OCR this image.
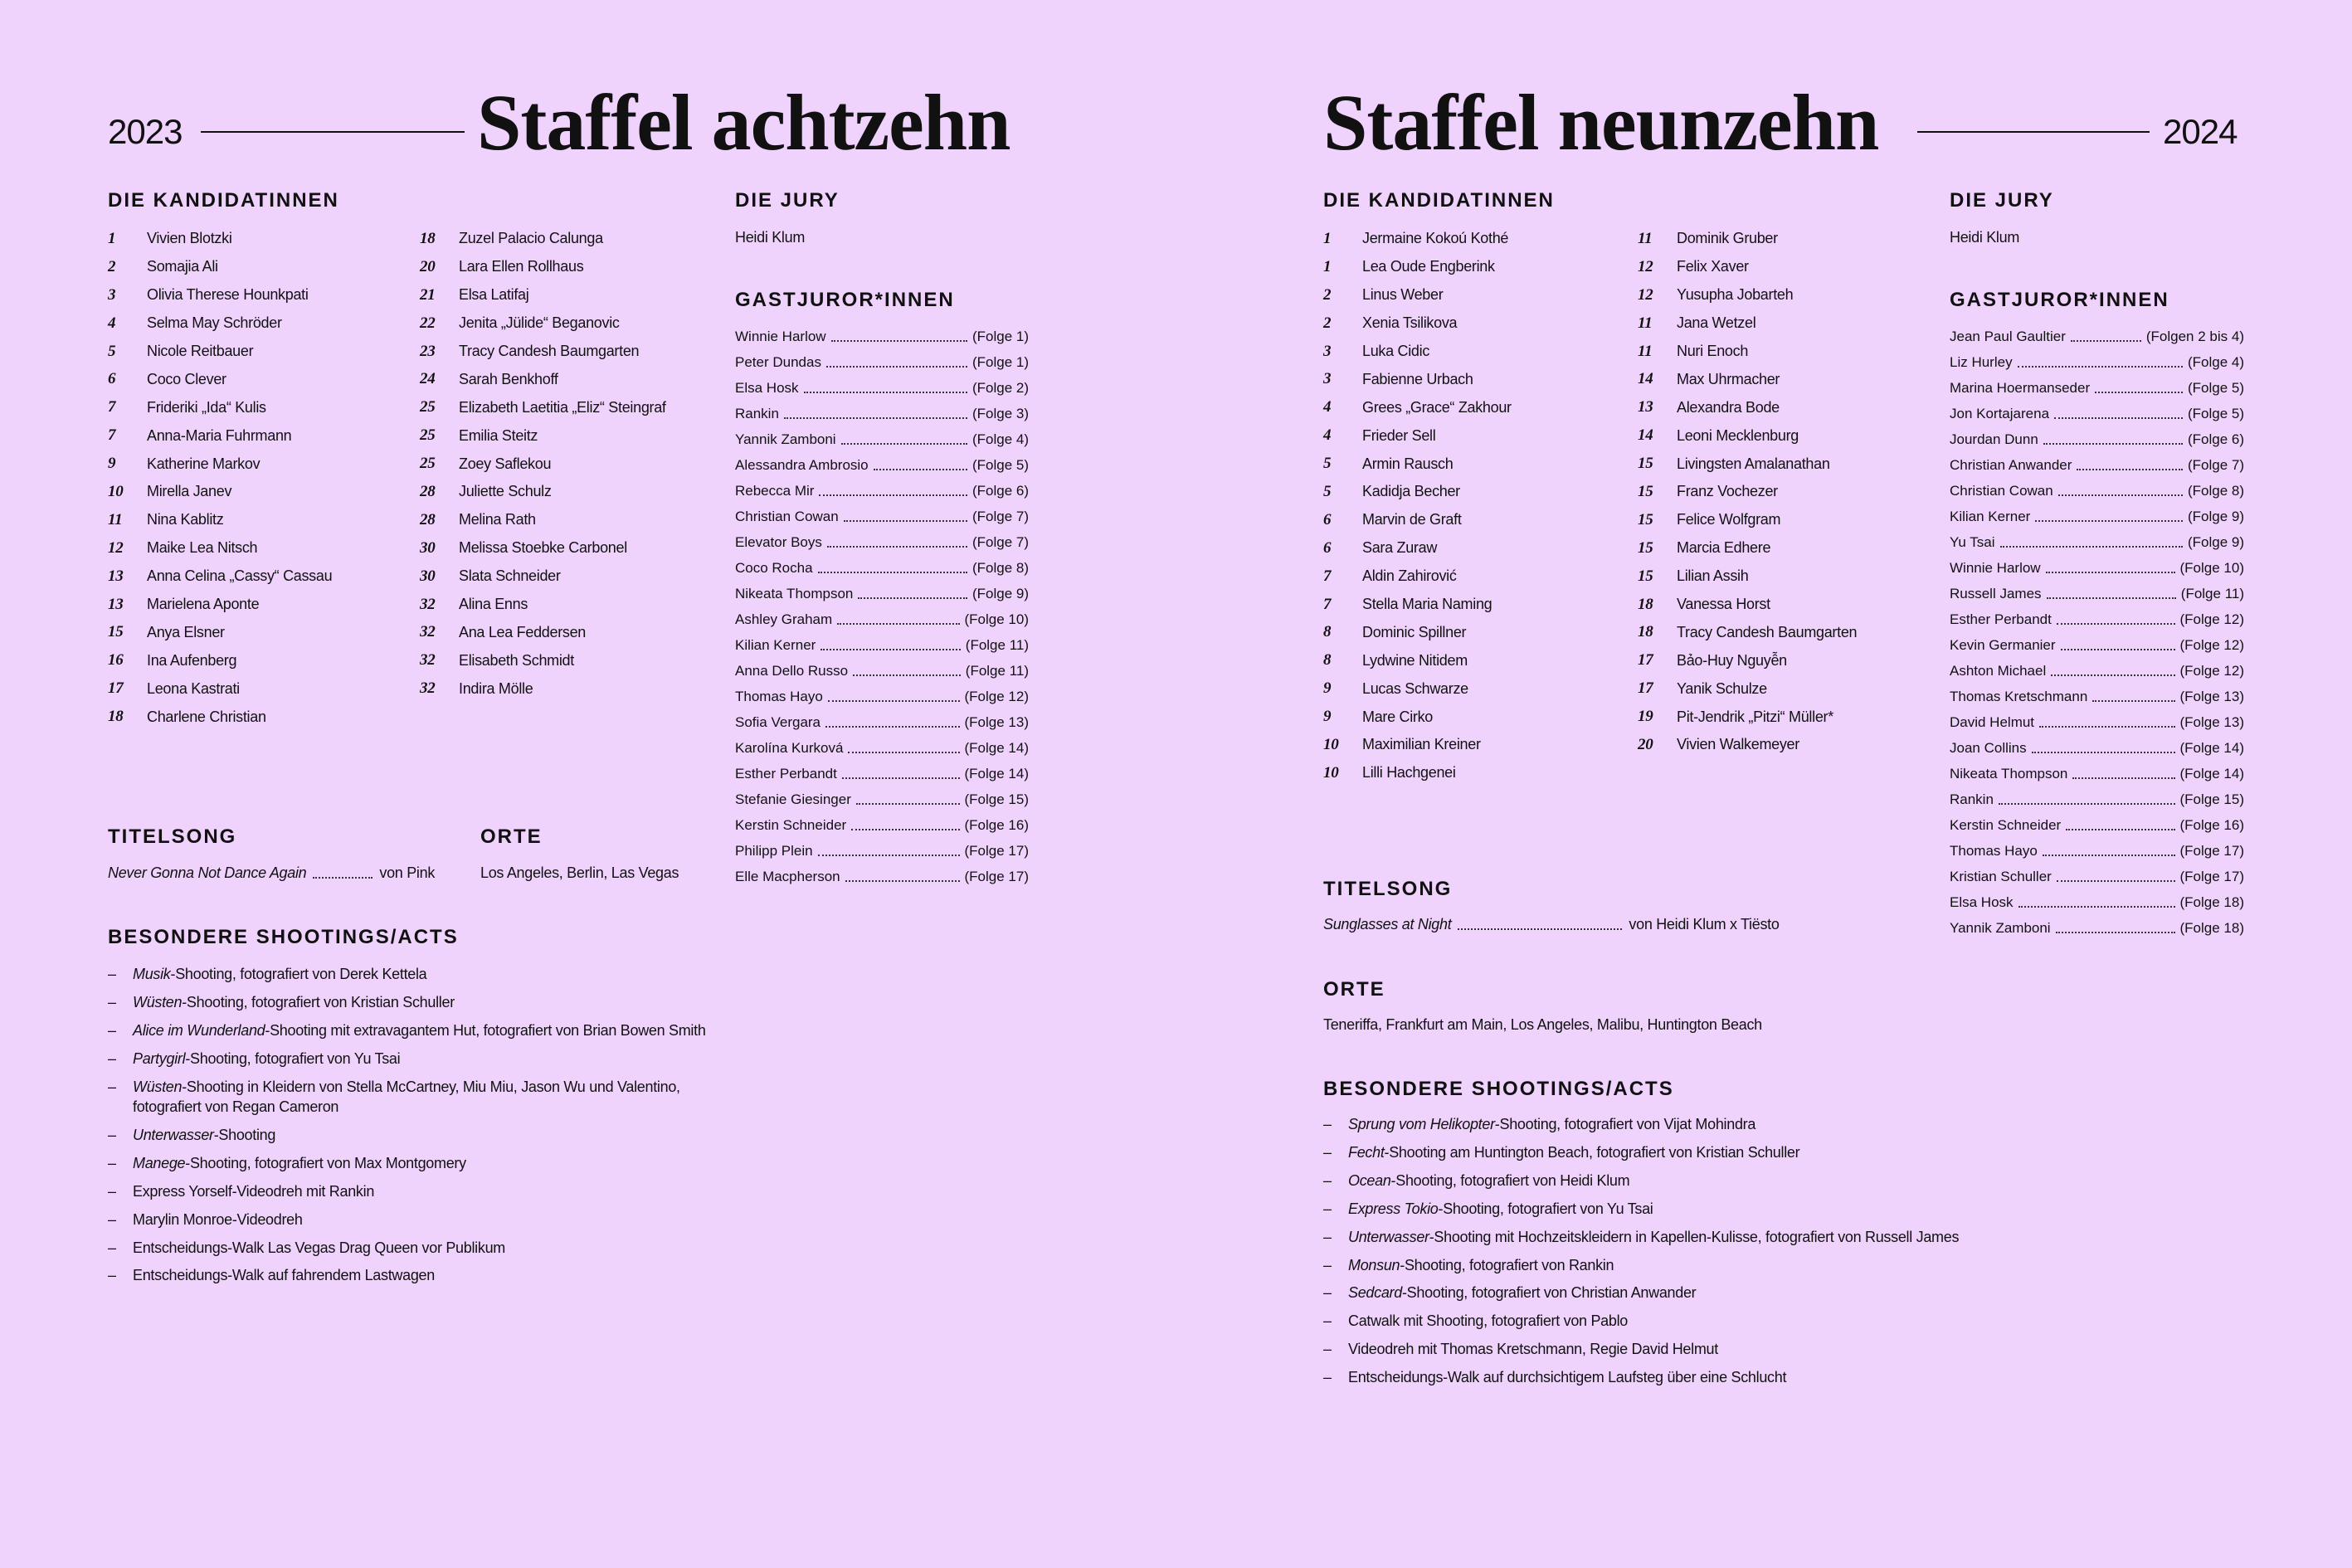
2023	Staffel achtzehn
DIE KANDIDATINNEN
1	Vivien Blotzki
2	Somajia Ali
3	Olivia Therese Hounkpati
4	Selma May Schröder
5	Nicole Reitbauer
6	Coco Clever
7	Frideriki „Ida“ Kulis
7	Anna-Maria Fuhrmann
9	Katherine Markov
10	Mirella Janev
11	Nina Kablitz
12	Maike Lea Nitsch
13	Anna Celina „Cassy“ Cassau
13	Marielena Aponte
15	Anya Elsner
16	Ina Aufenberg
17	Leona Kastrati
18	Charlene Christian
18	Zuzel Palacio Calunga
20	Lara Ellen Rollhaus
21	Elsa Latifaj
22	Jenita „Jülide“ Beganovic
23	Tracy Candesh Baumgarten
24	Sarah Benkhoff
25	Elizabeth Laetitia „Eliz“ Steingraf
25	Emilia Steitz
25	Zoey Saflekou
28	Juliette Schulz
28	Melina Rath
30	Melissa Stoebke Carbonel
30	Slata Schneider
32	Alina Enns
32	Ana Lea Feddersen
32	Elisabeth Schmidt
32	Indira Mölle
DIE JURY
Heidi Klum
GASTJUROR*INNEN
Winnie Harlow	(Folge 1)
Peter Dundas	(Folge 1)
Elsa Hosk	(Folge 2)
Rankin	(Folge 3)
Yannik Zamboni	(Folge 4)
Alessandra Ambrosio	(Folge 5)
Rebecca Mir	(Folge 6)
Christian Cowan	(Folge 7)
Elevator Boys	(Folge 7)
Coco Rocha	(Folge 8)
Nikeata Thompson	(Folge 9)
Ashley Graham	(Folge 10)
Kilian Kerner	(Folge 11)
Anna Dello Russo	(Folge 11)
Thomas Hayo	(Folge 12)
Sofia Vergara	(Folge 13)
Karolína Kurková	(Folge 14)
Esther Perbandt	(Folge 14)
Stefanie Giesinger	(Folge 15)
Kerstin Schneider	(Folge 16)
Philipp Plein	(Folge 17)
Elle Macpherson	(Folge 17)
TITELSONG
Never Gonna Not Dance Again	von Pink
ORTE
Los Angeles, Berlin, Las Vegas
BESONDERE SHOOTINGS/ACTS
–	Musik-Shooting, fotografiert von Derek Kettela
–	Wüsten-Shooting, fotografiert von Kristian Schuller
–	Alice im Wunderland-Shooting mit extravagantem Hut, fotografiert von Brian Bowen Smith
–	Partygirl-Shooting, fotografiert von Yu Tsai
–	Wüsten-Shooting in Kleidern von Stella McCartney, Miu Miu, Jason Wu und Valentino, fotografiert von Regan Cameron
–	Unterwasser-Shooting
–	Manege-Shooting, fotografiert von Max Montgomery
–	Express Yorself-Videodreh mit Rankin
–	Marylin Monroe-Videodreh
–	Entscheidungs-Walk Las Vegas Drag Queen vor Publikum
–	Entscheidungs-Walk auf fahrendem Lastwagen
Staffel neunzehn	2024
DIE KANDIDATINNEN
1	Jermaine Kokoú Kothé
1	Lea Oude Engberink
2	Linus Weber
2	Xenia Tsilikova
3	Luka Cidic
3	Fabienne Urbach
4	Grees „Grace“ Zakhour
4	Frieder Sell
5	Armin Rausch
5	Kadidja Becher
6	Marvin de Graft
6	Sara Zuraw
7	Aldin Zahirović
7	Stella Maria Naming
8	Dominic Spillner
8	Lydwine Nitidem
9	Lucas Schwarze
9	Mare Cirko
10	Maximilian Kreiner
10	Lilli Hachgenei
11	Dominik Gruber
12	Felix Xaver
12	Yusupha Jobarteh
11	Jana Wetzel
11	Nuri Enoch
14	Max Uhrmacher
13	Alexandra Bode
14	Leoni Mecklenburg
15	Livingsten Amalanathan
15	Franz Vochezer
15	Felice Wolfgram
15	Marcia Edhere
15	Lilian Assih
18	Vanessa Horst
18	Tracy Candesh Baumgarten
17	Bảo-Huy Nguyễn
17	Yanik Schulze
19	Pit-Jendrik „Pitzi“ Müller*
20	Vivien Walkemeyer
DIE JURY
Heidi Klum
GASTJUROR*INNEN
Jean Paul Gaultier	(Folgen 2 bis 4)
Liz Hurley	(Folge 4)
Marina Hoermanseder	(Folge 5)
Jon Kortajarena	(Folge 5)
Jourdan Dunn	(Folge 6)
Christian Anwander	(Folge 7)
Christian Cowan	(Folge 8)
Kilian Kerner	(Folge 9)
Yu Tsai	(Folge 9)
Winnie Harlow	(Folge 10)
Russell James	(Folge 11)
Esther Perbandt	(Folge 12)
Kevin Germanier	(Folge 12)
Ashton Michael	(Folge 12)
Thomas Kretschmann	(Folge 13)
David Helmut	(Folge 13)
Joan Collins	(Folge 14)
Nikeata Thompson	(Folge 14)
Rankin	(Folge 15)
Kerstin Schneider	(Folge 16)
Thomas Hayo	(Folge 17)
Kristian Schuller	(Folge 17)
Elsa Hosk	(Folge 18)
Yannik Zamboni	(Folge 18)
TITELSONG
Sunglasses at Night	von Heidi Klum x Tiësto
ORTE
Teneriffa, Frankfurt am Main, Los Angeles, Malibu, Huntington Beach
BESONDERE SHOOTINGS/ACTS
–	Sprung vom Helikopter-Shooting, fotografiert von Vijat Mohindra
–	Fecht-Shooting am Huntington Beach, fotografiert von Kristian Schuller
–	Ocean-Shooting, fotografiert von Heidi Klum
–	Express Tokio-Shooting, fotografiert von Yu Tsai
–	Unterwasser-Shooting mit Hochzeitskleidern in Kapellen-Kulisse, fotografiert von Russell James
–	Monsun-Shooting, fotografiert von Rankin
–	Sedcard-Shooting, fotografiert von Christian Anwander
–	Catwalk mit Shooting, fotografiert von Pablo
–	Videodreh mit Thomas Kretschmann, Regie David Helmut
–	Entscheidungs-Walk auf durchsichtigem Laufsteg über eine Schlucht
